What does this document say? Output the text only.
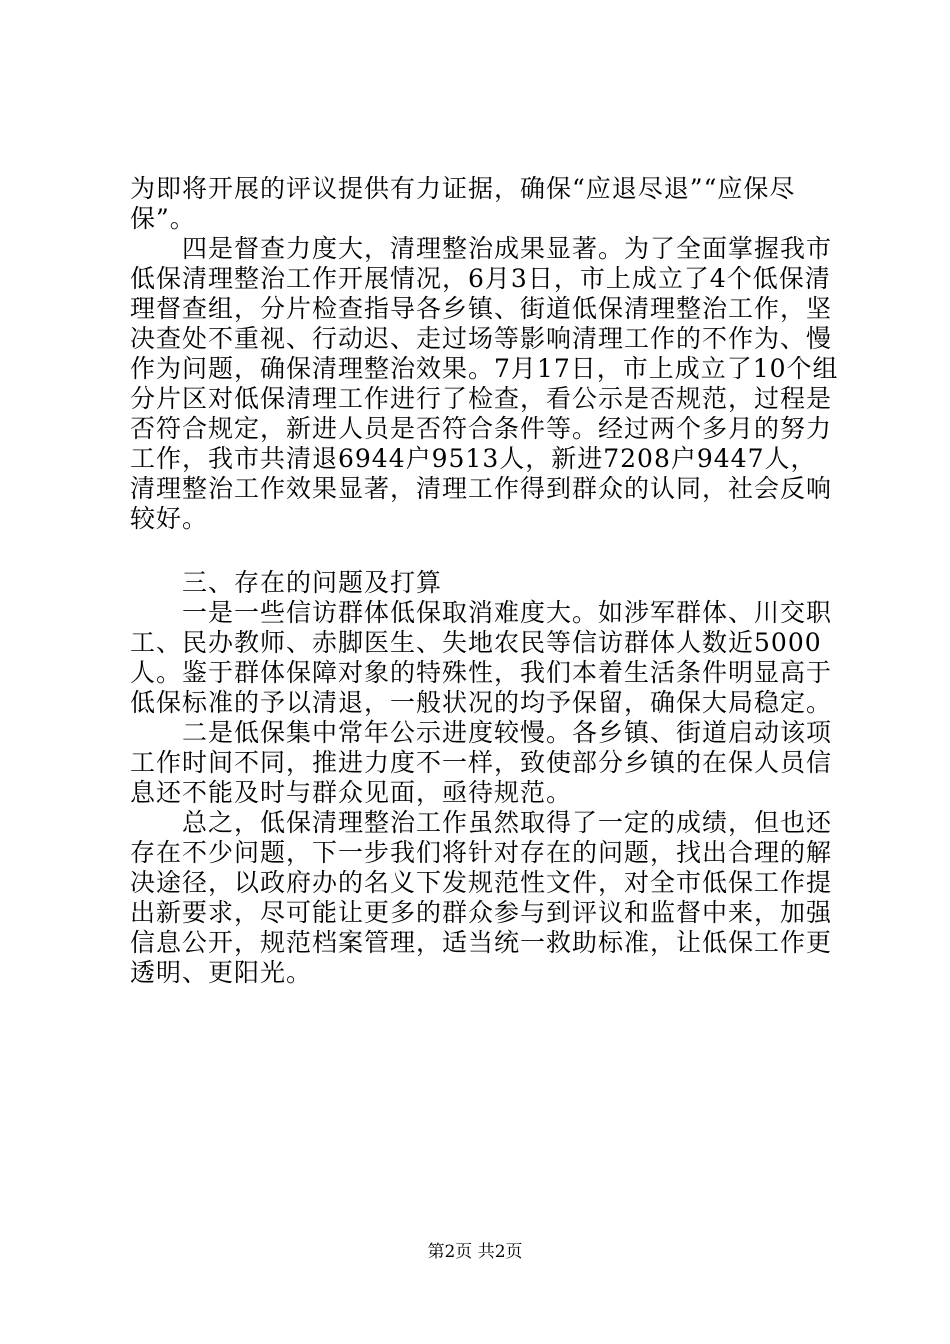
为即将开展的评议提供有力证据，确保“应退尽退”“应保尽保”。

四是督查力度大，清理整治成果显著。为了全面掌握我市低保清理整治工作开展情况，6月3日，市上成立了4个低保清理督查组，分片检查指导各乡镇、街道低保清理整治工作，坚决查处不重视、行动迟、走过场等影响清理工作的不作为、慢作为问题，确保清理整治效果。7月17日，市上成立了10个组分片区对低保清理工作进行了检查，看公示是否规范，过程是否符合规定，新进人员是否符合条件等。经过两个多月的努力工作，我市共清退6944户9513人，新进7208户9447人，清理整治工作效果显著，清理工作得到群众的认同，社会反响较好。

三、存在的问题及打算

一是一些信访群体低保取消难度大。如涉军群体、川交职工、民办教师、赤脚医生、失地农民等信访群体人数近5000人。鉴于群体保障对象的特殊性，我们本着生活条件明显高于低保标准的予以清退，一般状况的均予保留，确保大局稳定。

二是低保集中常年公示进度较慢。各乡镇、街道启动该项工作时间不同，推进力度不一样，致使部分乡镇的在保人员信息还不能及时与群众见面，亟待规范。

总之，低保清理整治工作虽然取得了一定的成绩，但也还存在不少问题，下一步我们将针对存在的问题，找出合理的解决途径，以政府办的名义下发规范性文件，对全市低保工作提出新要求，尽可能让更多的群众参与到评议和监督中来，加强信息公开，规范档案管理，适当统一救助标准，让低保工作更透明、更阳光。

第2页 共2页
